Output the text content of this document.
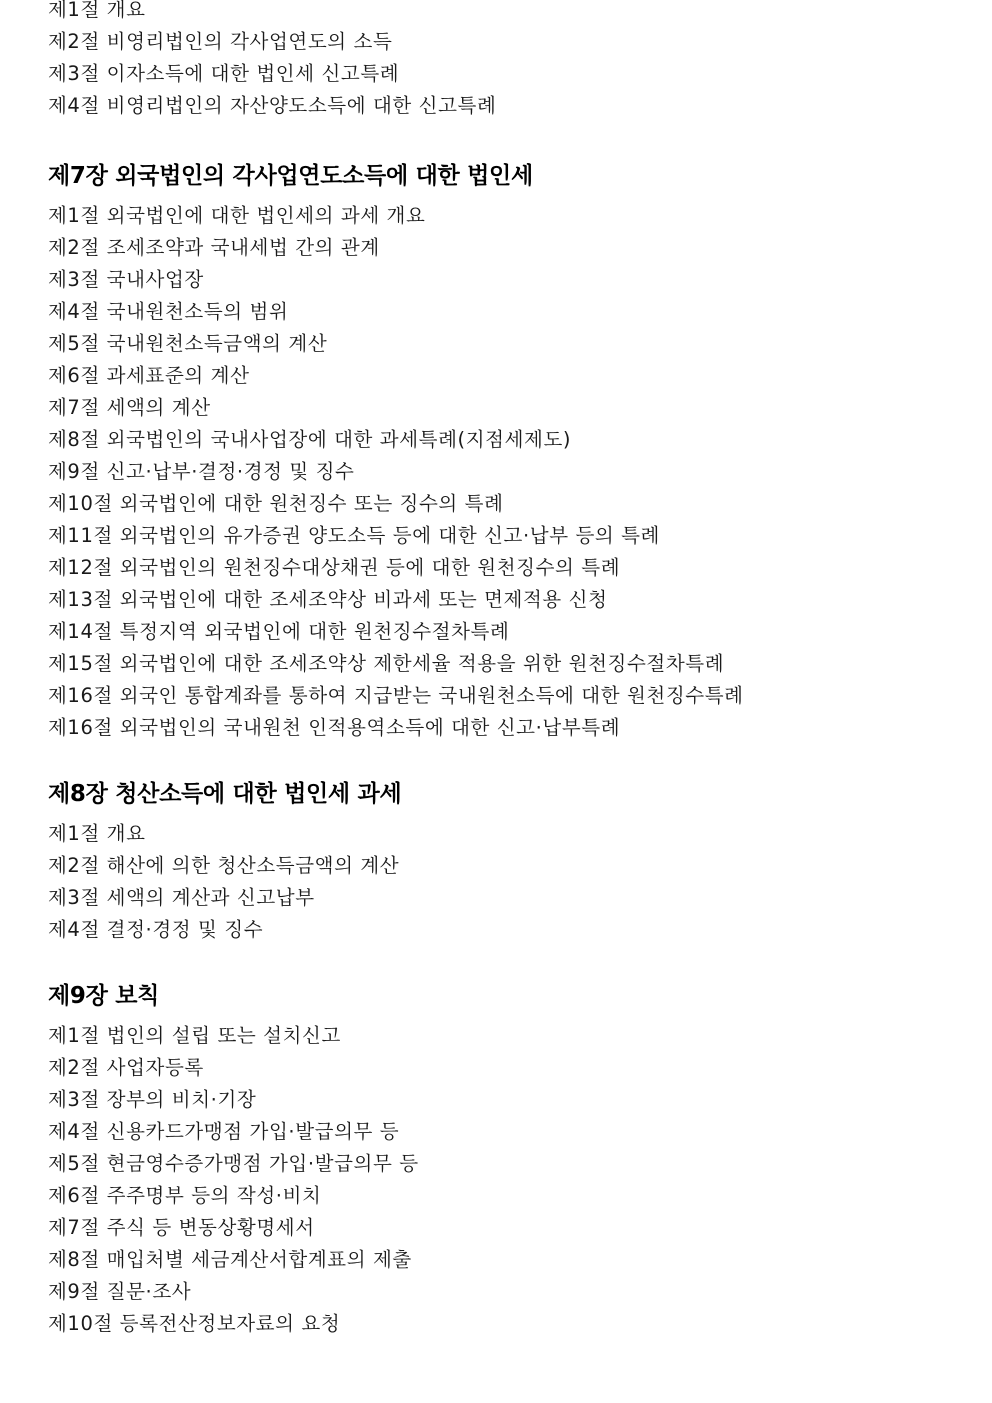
제1절 개요
제2절 비영리법인의 각사업연도의 소득
제3절 이자소득에 대한 법인세 신고특례
제4절 비영리법인의 자산양도소득에 대한 신고특례
제7장 외국법인의 각사업연도소득에 대한 법인세
제1절 외국법인에 대한 법인세의 과세 개요
제2절 조세조약과 국내세법 간의 관계
제3절 국내사업장
제4절 국내원천소득의 범위
제5절 국내원천소득금액의 계산
제6절 과세표준의 계산
제7절 세액의 계산
제8절 외국법인의 국내사업장에 대한 과세특례(지점세제도)
제9절 신고·납부·결정·경정 및 징수
제10절 외국법인에 대한 원천징수 또는 징수의 특례
제11절 외국법인의 유가증권 양도소득 등에 대한 신고·납부 등의 특례
제12절 외국법인의 원천징수대상채권 등에 대한 원천징수의 특례
제13절 외국법인에 대한 조세조약상 비과세 또는 면제적용 신청
제14절 특정지역 외국법인에 대한 원천징수절차특례
제15절 외국법인에 대한 조세조약상 제한세율 적용을 위한 원천징수절차특례
제16절 외국인 통합계좌를 통하여 지급받는 국내원천소득에 대한 원천징수특례
제16절 외국법인의 국내원천 인적용역소득에 대한 신고·납부특례
제8장 청산소득에 대한 법인세 과세
제1절 개요
제2절 해산에 의한 청산소득금액의 계산
제3절 세액의 계산과 신고납부
제4절 결정·경정 및 징수
제9장 보칙
제1절 법인의 설립 또는 설치신고
제2절 사업자등록
제3절 장부의 비치·기장
제4절 신용카드가맹점 가입·발급의무 등
제5절 현금영수증가맹점 가입·발급의무 등
제6절 주주명부 등의 작성·비치
제7절 주식 등 변동상황명세서
제8절 매입처별 세금계산서합계표의 제출
제9절 질문·조사
제10절 등록전산정보자료의 요청
